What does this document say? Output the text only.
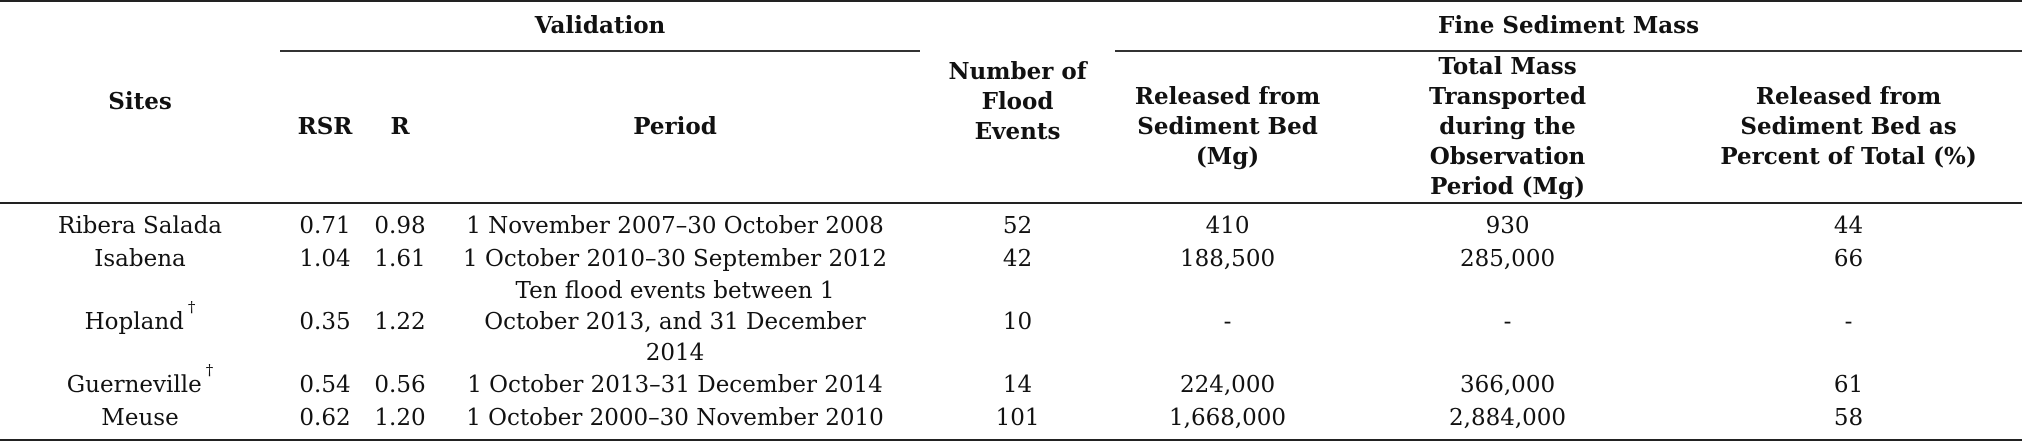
Sites	Validation			Number of Flood Events	Fine Sediment Mass		
	RSR	R	Period		Released from Sediment Bed (Mg)	Total Mass Transported during the Observation Period (Mg)	Released from Sediment Bed as Percent of Total (%)
Ribera Salada	0.71	0.98	1 November 2007–30 October 2008	52	410	930	44
Isabena	1.04	1.61	1 October 2010–30 September 2012	42	188,500	285,000	66
Hopland†	0.35	1.22	Ten flood events between 1 October 2013, and 31 December 2014	10	-	-	-
Guerneville†	0.54	0.56	1 October 2013–31 December 2014	14	224,000	366,000	61
Meuse	0.62	1.20	1 October 2000–30 November 2010	101	1,668,000	2,884,000	58
